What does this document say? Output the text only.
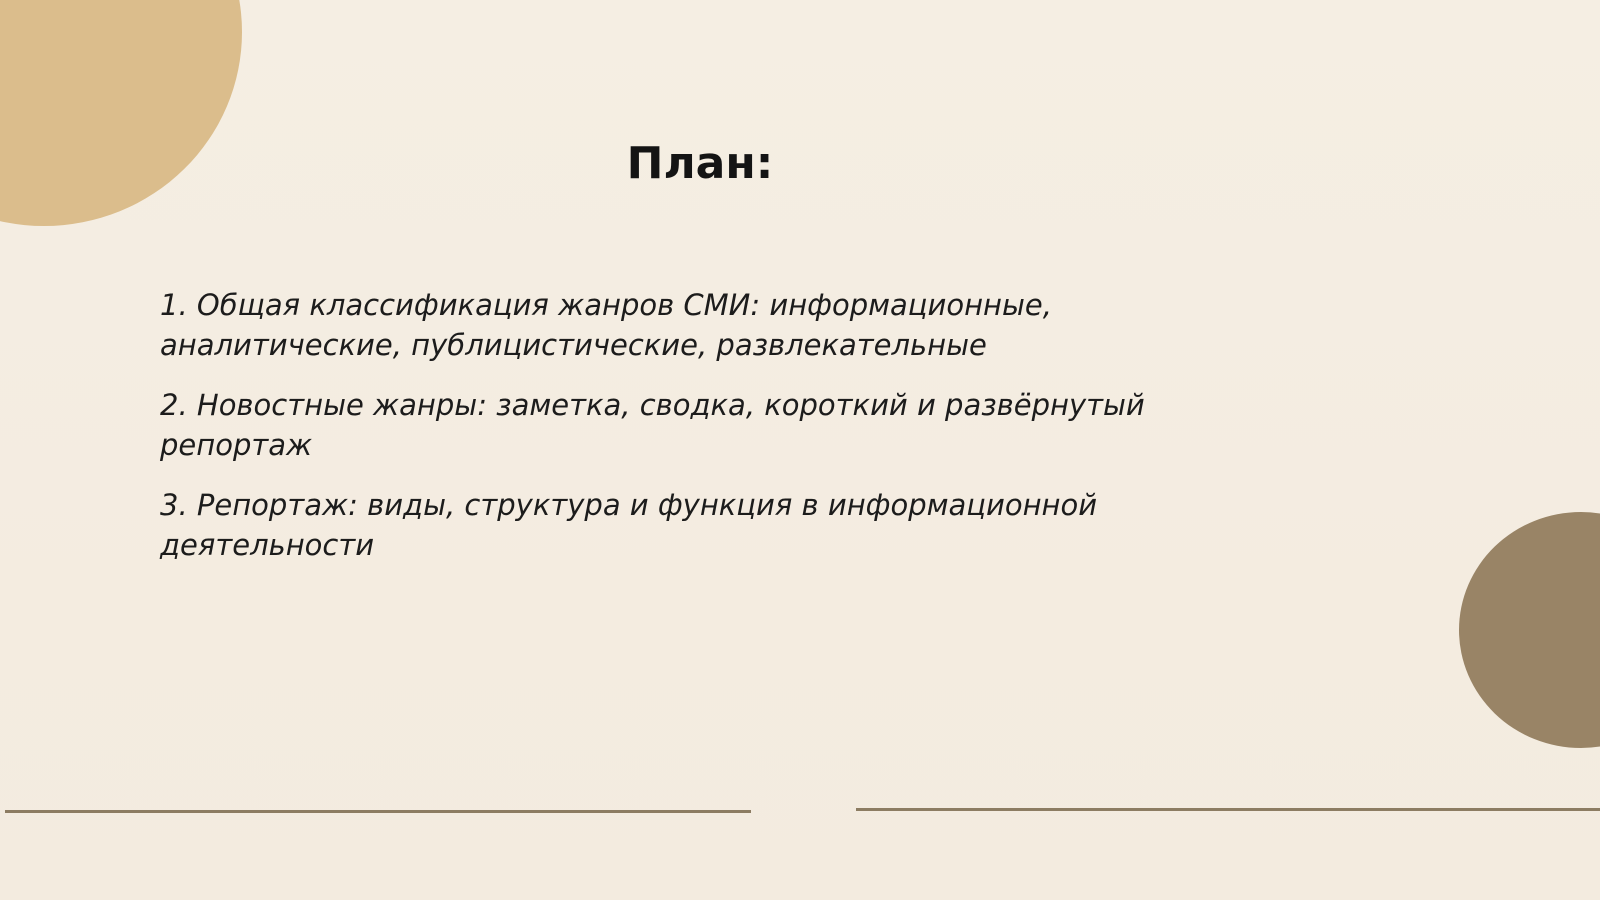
План:
1. Общая классификация жанров СМИ: информационные, аналитические, публицистические, развлекательные
2. Новостные жанры: заметка, сводка, короткий и развёрнутый репортаж
3. Репортаж: виды, структура и функция в информационной деятельности
